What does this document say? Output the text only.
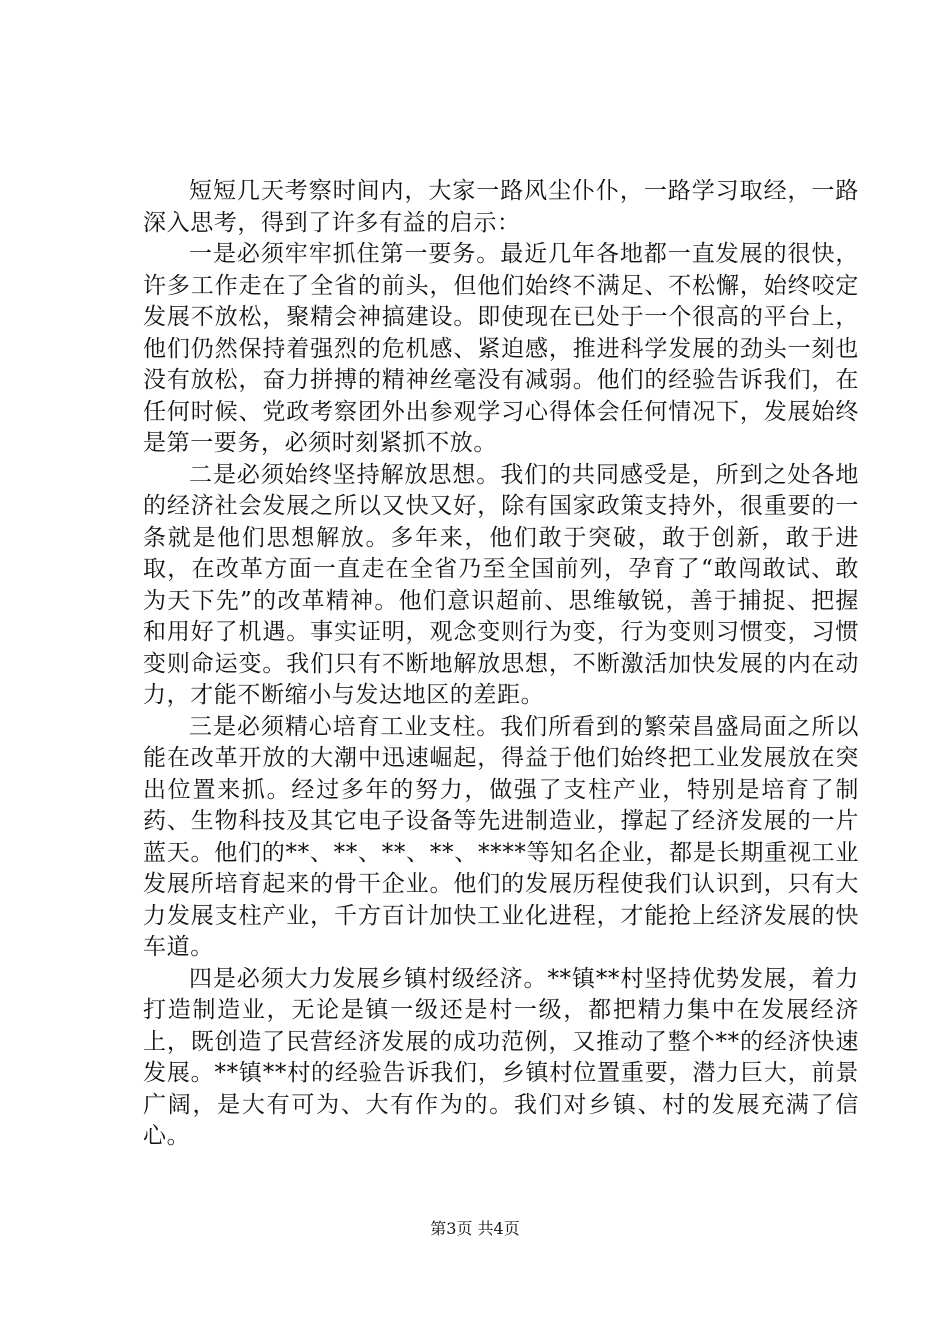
短短几天考察时间内，大家一路风尘仆仆，一路学习取经，一路深入思考，得到了许多有益的启示：

一是必须牢牢抓住第一要务。最近几年各地都一直发展的很快，许多工作走在了全省的前头，但他们始终不满足、不松懈，始终咬定发展不放松，聚精会神搞建设。即使现在已处于一个很高的平台上，他们仍然保持着强烈的危机感、紧迫感，推进科学发展的劲头一刻也没有放松，奋力拼搏的精神丝毫没有减弱。他们的经验告诉我们，在任何时候、党政考察团外出参观学习心得体会任何情况下，发展始终是第一要务，必须时刻紧抓不放。

二是必须始终坚持解放思想。我们的共同感受是，所到之处各地的经济社会发展之所以又快又好，除有国家政策支持外，很重要的一条就是他们思想解放。多年来，他们敢于突破，敢于创新，敢于进取，在改革方面一直走在全省乃至全国前列，孕育了“敢闯敢试、敢为天下先”的改革精神。他们意识超前、思维敏锐，善于捕捉、把握和用好了机遇。事实证明，观念变则行为变，行为变则习惯变，习惯变则命运变。我们只有不断地解放思想，不断激活加快发展的内在动力，才能不断缩小与发达地区的差距。

三是必须精心培育工业支柱。我们所看到的繁荣昌盛局面之所以能在改革开放的大潮中迅速崛起，得益于他们始终把工业发展放在突出位置来抓。经过多年的努力，做强了支柱产业，特别是培育了制药、生物科技及其它电子设备等先进制造业，撑起了经济发展的一片蓝天。他们的**、**、**、**、****等知名企业，都是长期重视工业发展所培育起来的骨干企业。他们的发展历程使我们认识到，只有大力发展支柱产业，千方百计加快工业化进程，才能抢上经济发展的快车道。

四是必须大力发展乡镇村级经济。**镇**村坚持优势发展，着力打造制造业，无论是镇一级还是村一级，都把精力集中在发展经济上，既创造了民营经济发展的成功范例，又推动了整个**的经济快速发展。**镇**村的经验告诉我们，乡镇村位置重要，潜力巨大，前景广阔，是大有可为、大有作为的。我们对乡镇、村的发展充满了信心。

第3页 共4页
